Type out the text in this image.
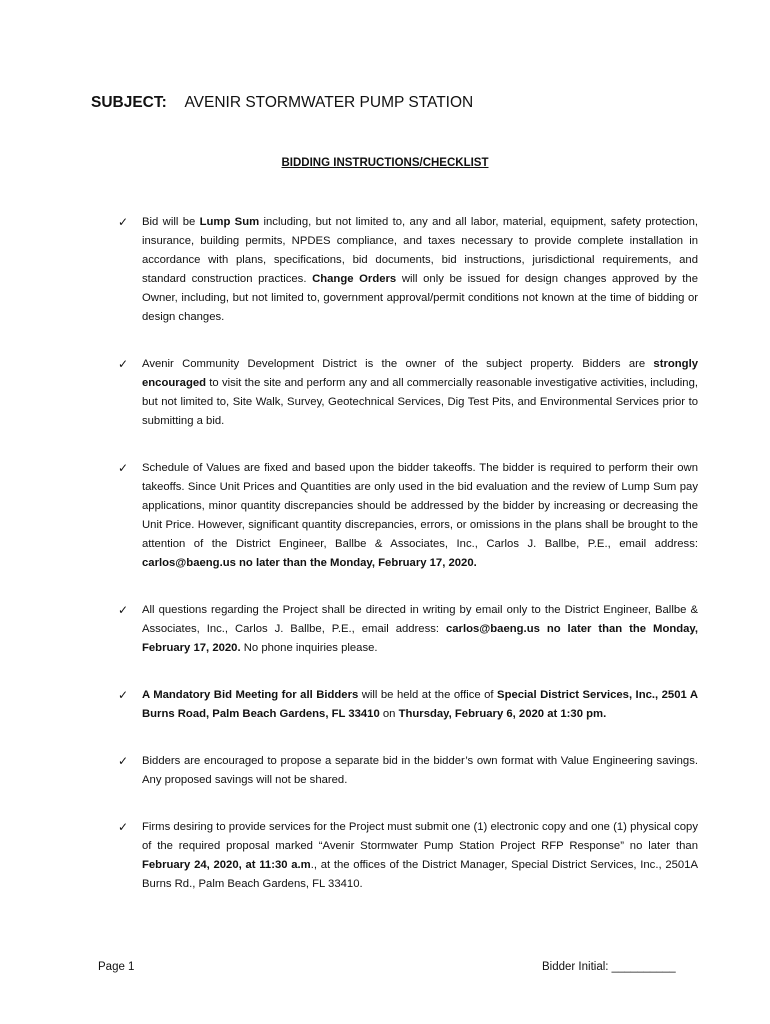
SUBJECT: AVENIR STORMWATER PUMP STATION
BIDDING INSTRUCTIONS/CHECKLIST
✓ Bid will be Lump Sum including, but not limited to, any and all labor, material, equipment, safety protection, insurance, building permits, NPDES compliance, and taxes necessary to provide complete installation in accordance with plans, specifications, bid documents, bid instructions, jurisdictional requirements, and standard construction practices. Change Orders will only be issued for design changes approved by the Owner, including, but not limited to, government approval/permit conditions not known at the time of bidding or design changes.
✓ Avenir Community Development District is the owner of the subject property. Bidders are strongly encouraged to visit the site and perform any and all commercially reasonable investigative activities, including, but not limited to, Site Walk, Survey, Geotechnical Services, Dig Test Pits, and Environmental Services prior to submitting a bid.
✓ Schedule of Values are fixed and based upon the bidder takeoffs. The bidder is required to perform their own takeoffs. Since Unit Prices and Quantities are only used in the bid evaluation and the review of Lump Sum pay applications, minor quantity discrepancies should be addressed by the bidder by increasing or decreasing the Unit Price. However, significant quantity discrepancies, errors, or omissions in the plans shall be brought to the attention of the District Engineer, Ballbe & Associates, Inc., Carlos J. Ballbe, P.E., email address: carlos@baeng.us no later than the Monday, February 17, 2020.
✓ All questions regarding the Project shall be directed in writing by email only to the District Engineer, Ballbe & Associates, Inc., Carlos J. Ballbe, P.E., email address: carlos@baeng.us no later than the Monday, February 17, 2020. No phone inquiries please.
✓ A Mandatory Bid Meeting for all Bidders will be held at the office of Special District Services, Inc., 2501 A Burns Road, Palm Beach Gardens, FL 33410 on Thursday, February 6, 2020 at 1:30 pm.
✓ Bidders are encouraged to propose a separate bid in the bidder’s own format with Value Engineering savings. Any proposed savings will not be shared.
✓ Firms desiring to provide services for the Project must submit one (1) electronic copy and one (1) physical copy of the required proposal marked “Avenir Stormwater Pump Station Project RFP Response” no later than February 24, 2020, at 11:30 a.m., at the offices of the District Manager, Special District Services, Inc., 2501A Burns Rd., Palm Beach Gardens, FL 33410.
Page 1	Bidder Initial: __________
